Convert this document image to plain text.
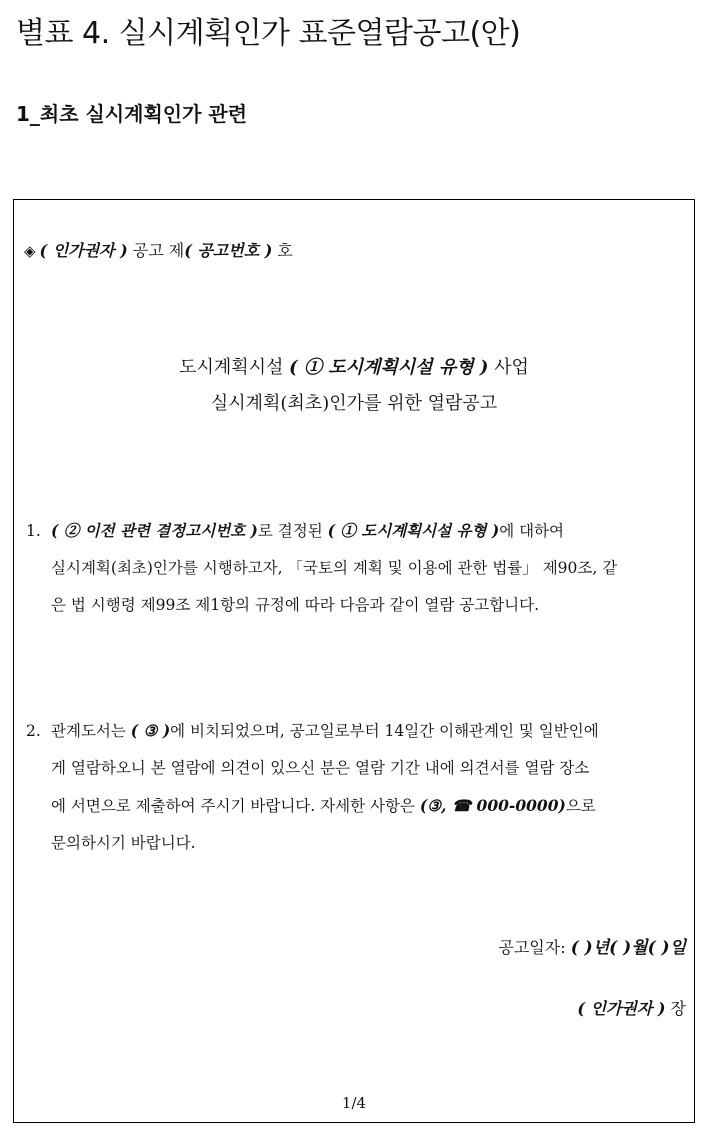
별표 4. 실시계획인가 표준열람공고(안)
1_최초 실시계획인가 관련
◈ ( 인가권자 ) 공고 제( 공고번호 ) 호
도시계획시설 ( ① 도시계획시설 유형 ) 사업
실시계획(최초)인가를 위한 열람공고
1. ( ② 이전 관련 결정고시번호 )로 결정된 ( ① 도시계획시설 유형 )에 대하여
실시계획(최초)인가를 시행하고자, 「국토의 계획 및 이용에 관한 법률」 제90조, 같
은 법 시행령 제99조 제1항의 규정에 따라 다음과 같이 열람 공고합니다.
2. 관계도서는 ( ③ )에 비치되었으며, 공고일로부터 14일간 이해관계인 및 일반인에
게 열람하오니 본 열람에 의견이 있으신 분은 열람 기간 내에 의견서를 열람 장소
에 서면으로 제출하여 주시기 바랍니다. 자세한 사항은 (③, ☎ 000-0000)으로
문의하시기 바랍니다.
공고일자: ( )년( )월( )일
( 인가권자 ) 장
1/4
